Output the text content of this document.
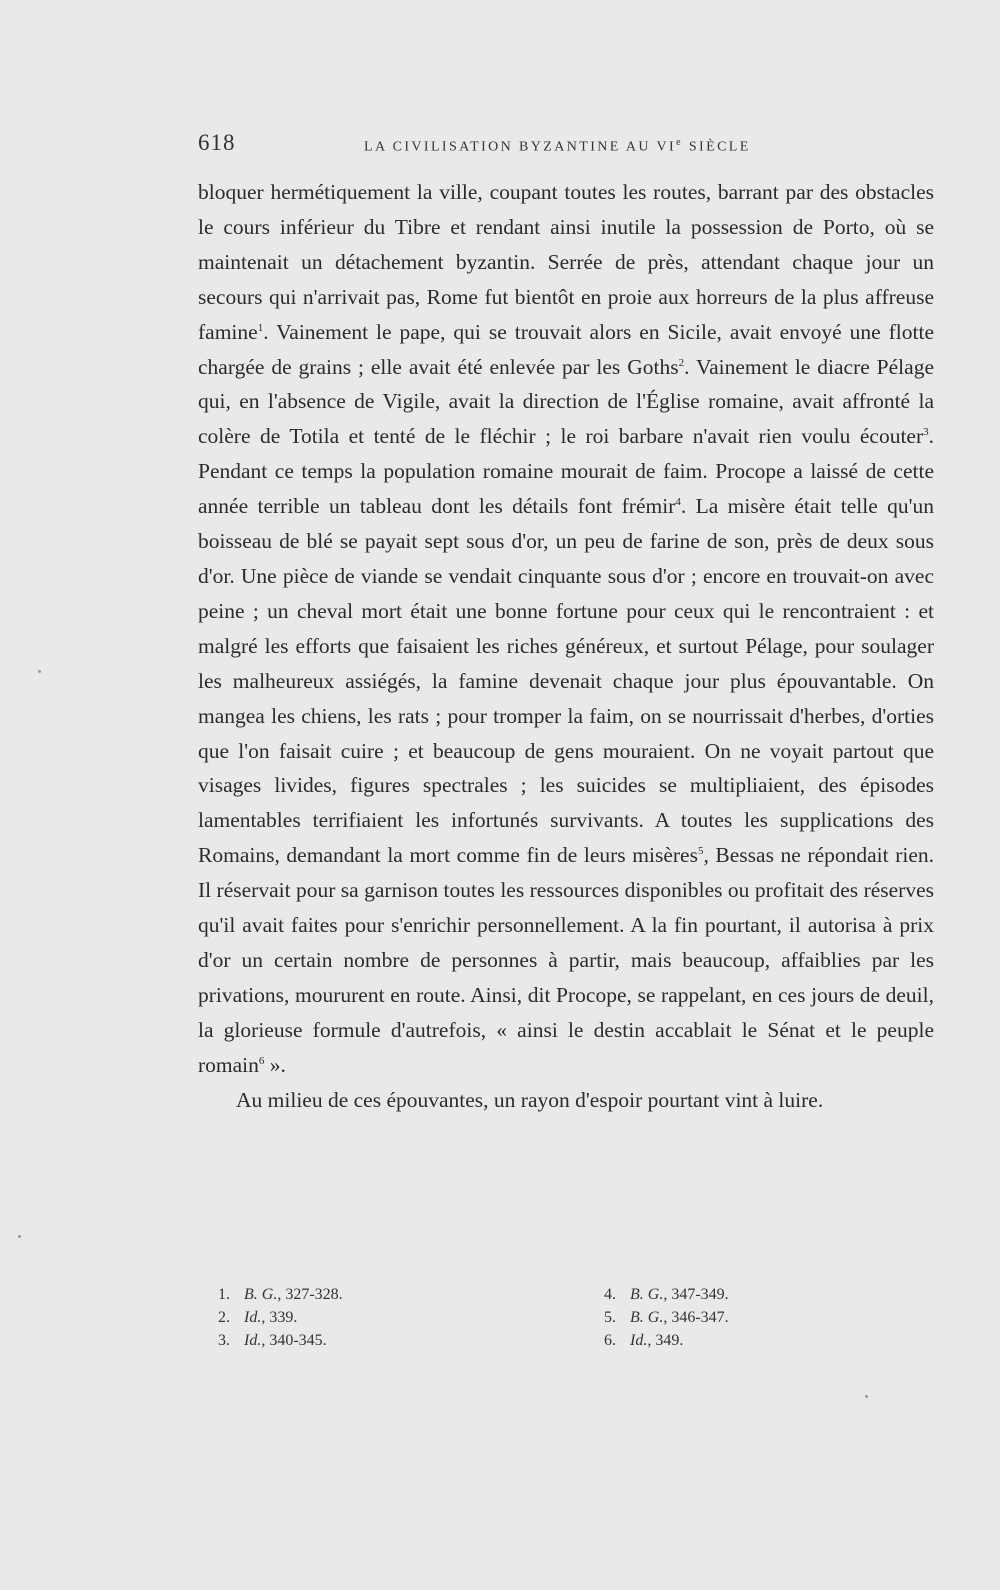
618	LA CIVILISATION BYZANTINE AU VIe SIÈCLE

bloquer hermétiquement la ville, coupant toutes les routes, barrant par des obstacles le cours inférieur du Tibre et rendant ainsi inutile la possession de Porto, où se maintenait un détachement byzantin. Serrée de près, attendant chaque jour un secours qui n'arrivait pas, Rome fut bientôt en proie aux horreurs de la plus affreuse famine$^1$. Vainement le pape, qui se trouvait alors en Sicile, avait envoyé une flotte chargée de grains ; elle avait été enlevée par les Goths$^2$. Vainement le diacre Pélage qui, en l'absence de Vigile, avait la direction de l'Église romaine, avait affronté la colère de Totila et tenté de le fléchir ; le roi barbare n'avait rien voulu écouter$^3$. Pendant ce temps la population romaine mourait de faim. Procope a laissé de cette année terrible un tableau dont les détails font frémir$^4$. La misère était telle qu'un boisseau de blé se payait sept sous d'or, un peu de farine de son, près de deux sous d'or. Une pièce de viande se vendait cinquante sous d'or ; encore en trouvait-on avec peine ; un cheval mort était une bonne fortune pour ceux qui le rencontraient : et malgré les efforts que faisaient les riches généreux, et surtout Pélage, pour soulager les malheureux assiégés, la famine devenait chaque jour plus épouvantable. On mangea les chiens, les rats ; pour tromper la faim, on se nourrissait d'herbes, d'orties que l'on faisait cuire ; et beaucoup de gens mouraient. On ne voyait partout que visages livides, figures spectrales ; les suicides se multipliaient, des épisodes lamentables terrifiaient les infortunés survivants. A toutes les supplications des Romains, demandant la mort comme fin de leurs misères$^5$, Bessas ne répondait rien. Il réservait pour sa garnison toutes les ressources disponibles ou profitait des réserves qu'il avait faites pour s'enrichir personnellement. A la fin pourtant, il autorisa à prix d'or un certain nombre de personnes à partir, mais beaucoup, affaiblies par les privations, moururent en route. Ainsi, dit Procope, se rappelant, en ces jours de deuil, la glorieuse formule d'autrefois, « ainsi le destin accablait le Sénat et le peuple romain$^6$ ».

Au milieu de ces épouvantes, un rayon d'espoir pourtant vint à luire.

1. B. G., 327-328.
2. Id., 339.
3. Id., 340-345.
4. B. G., 347-349.
5. B. G., 346-347.
6. Id., 349.
